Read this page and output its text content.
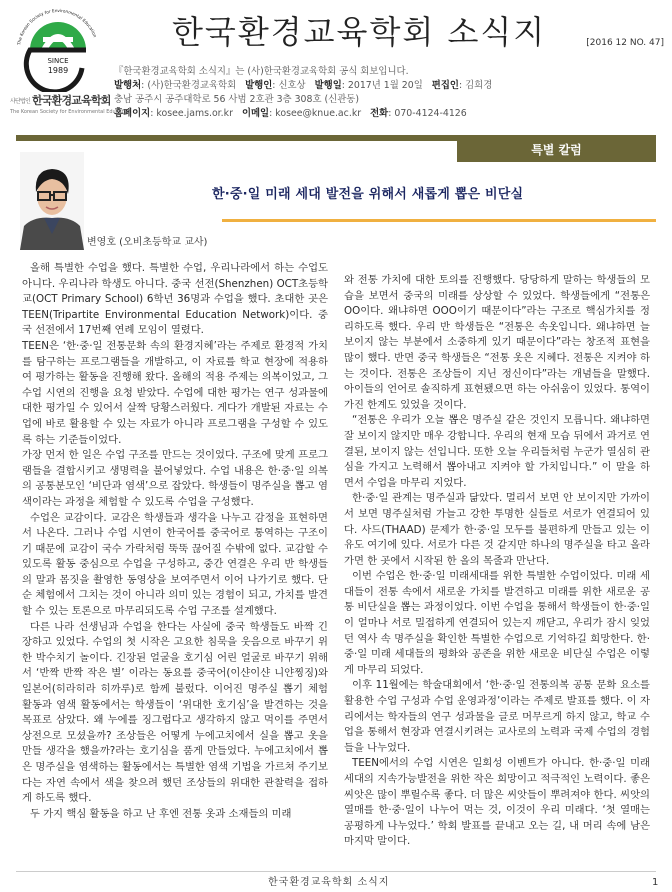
SINCE
1989
The Korean Society for Environmental Education
사단법인 한국환경교육학회
The Korean Society for Environmental Education
한국환경교육학회 소식지	[2016 12 NO. 47]
『한국환경교육학회 소식지』는 (사)한국환경교육학회 공식 회보입니다.
발행처: (사)한국환경교육학회 발행인: 신호상 발행일: 2017년 1월 20일 편집인: 김희경
충남 공주시 공주대학로 56 사범 2호관 3층 308호 (신관동)
홈페이지: kosee.jams.or.kr 이메일: kosee@knue.ac.kr 전화: 070-4124-4126
특별 칼럼
한·중·일 미래 세대 발전을 위해서 새롭게 뽑은 비단실
변영호 (오비초등학교 교사)

올해 특별한 수업을 했다. 특별한 수업, 우리나라에서 하는 수업도 아니다. 우리나라 학생도 아니다. 중국 선전(Shenzhen) OCT초등학교(OCT Primary School) 6학년 36명과 수업을 했다. 초대한 곳은 TEEN(Tripartite Environmental Education Network)이다. 중국 선전에서 17번째 연례 모임이 열렸다.

TEEN은 ‘한·중·일 전통문화 속의 환경지혜’라는 주제로 환경적 가치를 탐구하는 프로그램들을 개발하고, 이 자료를 학교 현장에 적용하여 평가하는 활동을 진행해 왔다. 올해의 적용 주제는 의복이었고, 그 수업 시연의 진행을 요청 받았다. 수업에 대한 평가는 연구 성과물에 대한 평가일 수 있어서 살짝 당황스러웠다. 게다가 개발된 자료는 수업에 바로 활용할 수 있는 자료가 아니라 프로그램을 구성할 수 있도록 하는 기준들이었다.

가장 먼저 한 일은 수업 구조를 만드는 것이었다. 구조에 맞게 프로그램들을 결합시키고 생명력을 불어넣었다. 수업 내용은 한·중·일 의복의 공통분모인 ‘비단과 염색’으로 잡았다. 학생들이 명주실을 뽑고 염색이라는 과정을 체험할 수 있도록 수업을 구성했다.

수업은 교감이다. 교감은 학생들과 생각을 나누고 감정을 표현하면서 나온다. 그러나 수업 시연이 한국어를 중국어로 통역하는 구조이기 때문에 교감이 국수 가락처럼 뚝뚝 끊어질 수밖에 없다. 교감할 수 있도록 활동 중심으로 수업을 구성하고, 중간 연결은 우리 반 학생들의 말과 몸짓을 촬영한 동영상을 보여주면서 이어 나가기로 했다. 단순 체험에서 그치는 것이 아니라 의미 있는 경험이 되고, 가치를 발견할 수 있는 토론으로 마무리되도록 수업 구조를 설계했다.

다른 나라 선생님과 수업을 한다는 사실에 중국 학생들도 바짝 긴장하고 있었다. 수업의 첫 시작은 고요한 침묵을 웃음으로 바꾸기 위한 박수치기 놀이다. 긴장된 얼굴을 호기심 어린 얼굴로 바꾸기 위해서 ‘반짝 반짝 작은 별’ 이라는 동요를 중국어(이샨이샨 니얀찡징)와 일본어(히라히라 히까루)로 함께 불렀다. 이어진 명주실 뽑기 체험 활동과 염색 활동에서는 학생들이 ‘위대한 호기심’을 발견하는 것을 목표로 삼았다. 왜 누에를 징그럽다고 생각하지 않고 먹이를 주면서 상전으로 모셨을까? 조상들은 어떻게 누에고치에서 실을 뽑고 옷을 만들 생각을 했을까?라는 호기심을 품게 만들었다. 누에고치에서 뽑은 명주실을 염색하는 활동에서는 특별한 염색 기법을 가르쳐 주기보다는 자연 속에서 색을 찾으려 했던 조상들의 위대한 관찰력을 접하게 하도록 했다.

두 가지 핵심 활동을 하고 난 후엔 전통 옷과 소재들의 미래

와 전통 가치에 대한 토의를 진행했다. 당당하게 말하는 학생들의 모습을 보면서 중국의 미래를 상상할 수 있었다. 학생들에게 “전통은 OO이다. 왜냐하면 OOO이기 때문이다”라는 구조로 핵심가치를 정리하도록 했다. 우리 반 학생들은 “전통은 속옷입니다. 왜냐하면 늘 보이지 않는 부분에서 소중하게 있기 때문이다”라는 창조적 표현을 많이 했다. 반면 중국 학생들은 “전통 옷은 지혜다. 전통은 지켜야 하는 것이다. 전통은 조상들이 지닌 정신이다”라는 개념들을 말했다. 아이들의 언어로 솔직하게 표현됐으면 하는 아쉬움이 있었다. 통역이 가진 한계도 있었을 것이다.

“전통은 우리가 오늘 뽑은 명주실 같은 것인지 모릅니다. 왜냐하면 잘 보이지 않지만 매우 강합니다. 우리의 현재 모습 뒤에서 과거로 연결된, 보이지 않는 선입니다. 또한 오늘 우리들처럼 누군가 열심히 관심을 가지고 노력해서 뽑아내고 지켜야 할 가치입니다.” 이 말을 하면서 수업을 마무리 지었다.

한·중·일 관계는 명주실과 닮았다. 멀리서 보면 안 보이지만 가까이서 보면 명주실처럼 가늘고 강한 투명한 실들로 서로가 연결되어 있다. 사드(THAAD) 문제가 한·중·일 모두를 불편하게 만들고 있는 이유도 여기에 있다. 서로가 다른 것 같지만 하나의 명주실을 타고 올라가면 한 곳에서 시작된 한 올의 목줄과 만난다.

이번 수업은 한·중·일 미래세대를 위한 특별한 수업이었다. 미래 세대들이 전통 속에서 새로운 가치를 발견하고 미래를 위한 새로운 공통 비단실을 뽑는 과정이었다. 이번 수업을 통해서 학생들이 한·중·일이 얼마나 서로 밀접하게 연결되어 있는지 깨닫고, 우리가 잠시 잊었던 역사 속 명주실을 확인한 특별한 수업으로 기억하길 희망한다. 한·중·일 미래 세대들의 평화와 공존을 위한 새로운 비단실 수업은 이렇게 마무리 되었다.

이후 11월에는 학술대회에서 ‘한·중·일 전통의복 공통 문화 요소를 활용한 수업 구성과 수업 운영과정’이라는 주제로 발표를 했다. 이 자리에서는 학자들의 연구 성과물을 글로 머무르게 하지 않고, 학교 수업을 통해서 현장과 연결시키려는 교사로의 노력과 국제 수업의 경험들을 나누었다.

TEEN에서의 수업 시연은 일회성 이벤트가 아니다. 한·중·일 미래 세대의 지속가능발전을 위한 작은 희망이고 적극적인 노력이다. 좋은 씨앗은 많이 뿌릴수록 좋다. 더 많은 씨앗들이 뿌려져야 한다. 씨앗의 열매를 한·중·일이 나누어 먹는 것, 이것이 우리 미래다. ‘첫 열매는 공평하게 나누었다.’ 학회 발표를 끝내고 오는 길, 내 머리 속에 남은 마지막 말이다.

한국환경교육학회 소식지	1
